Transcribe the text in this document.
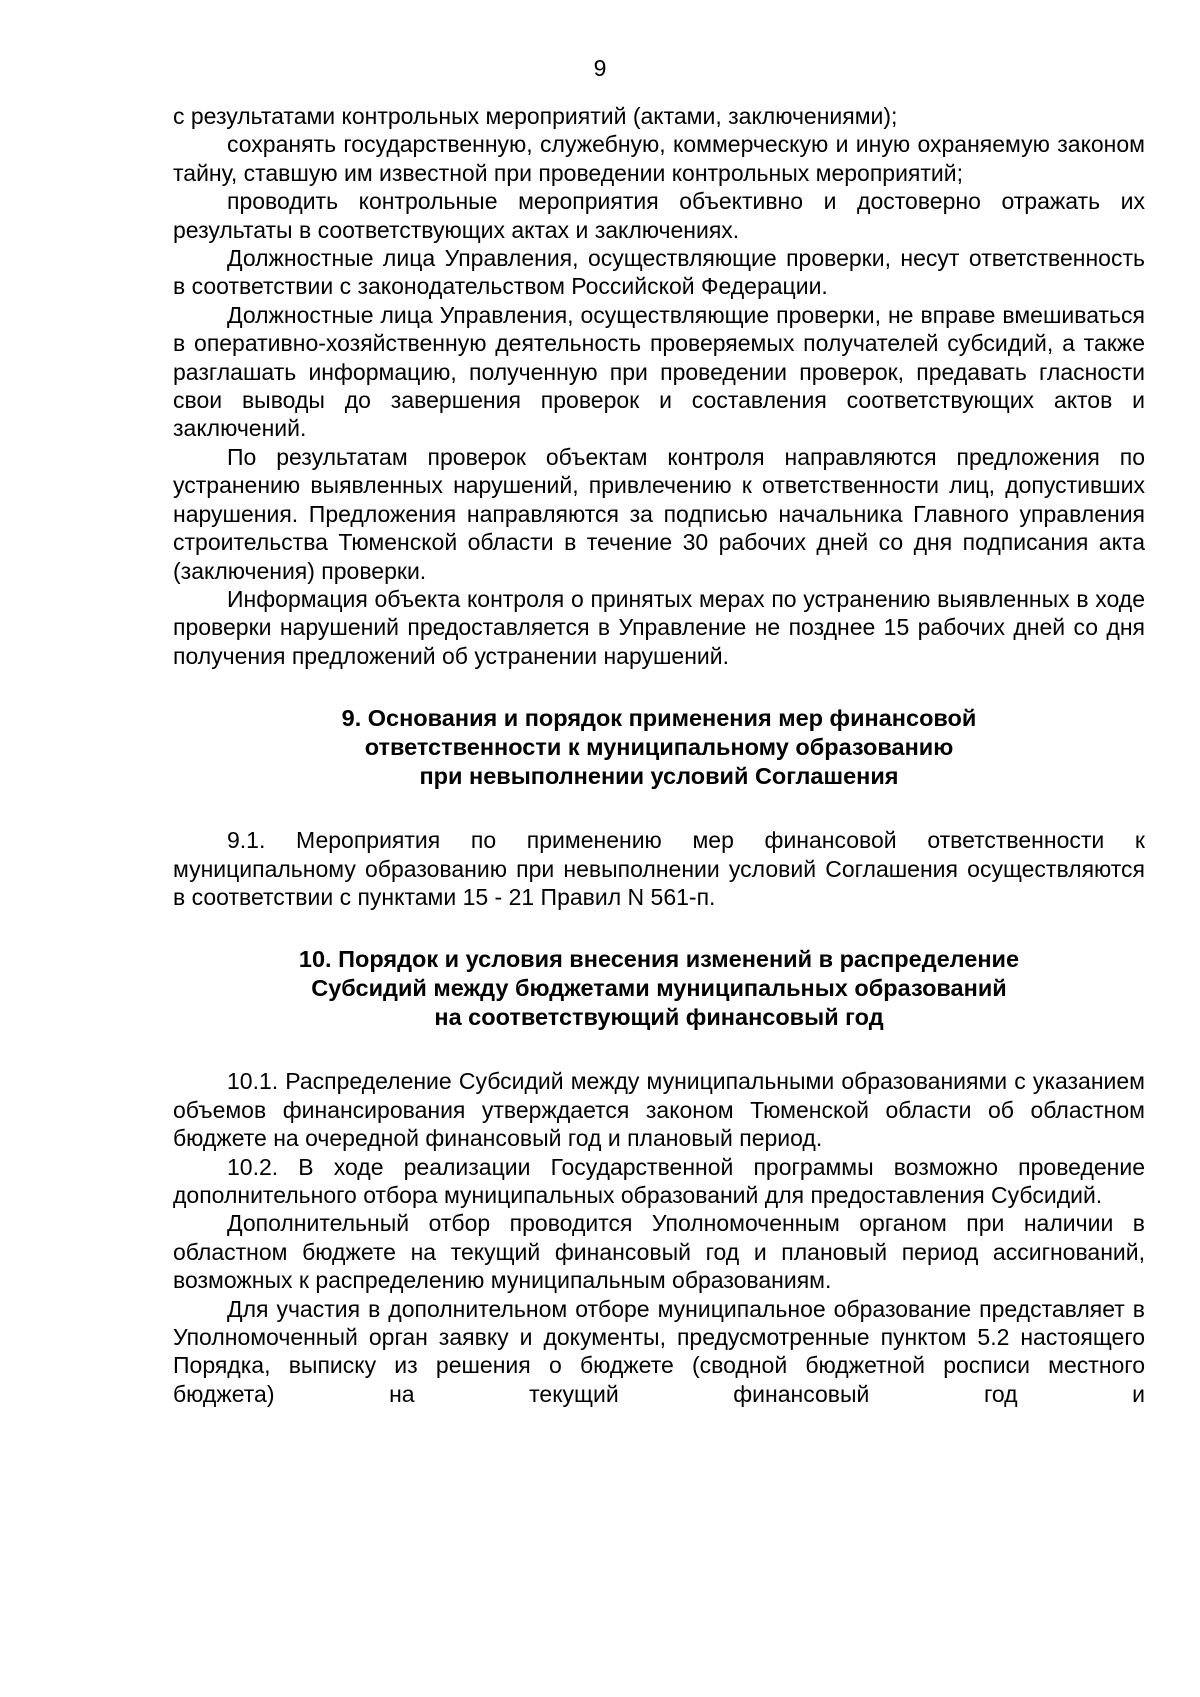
9

с результатами контрольных мероприятий (актами, заключениями);

сохранять государственную, служебную, коммерческую и иную охраняемую законом тайну, ставшую им известной при проведении контрольных мероприятий;

проводить контрольные мероприятия объективно и достоверно отражать их результаты в соответствующих актах и заключениях.

Должностные лица Управления, осуществляющие проверки, несут ответственность в соответствии с законодательством Российской Федерации.

Должностные лица Управления, осуществляющие проверки, не вправе вмешиваться в оперативно-хозяйственную деятельность проверяемых получателей субсидий, а также разглашать информацию, полученную при проведении проверок, предавать гласности свои выводы до завершения проверок и составления соответствующих актов и заключений.

По результатам проверок объектам контроля направляются предложения по устранению выявленных нарушений, привлечению к ответственности лиц, допустивших нарушения. Предложения направляются за подписью начальника Главного управления строительства Тюменской области в течение 30 рабочих дней со дня подписания акта (заключения) проверки.

Информация объекта контроля о принятых мерах по устранению выявленных в ходе проверки нарушений предоставляется в Управление не позднее 15 рабочих дней со дня получения предложений об устранении нарушений.

9. Основания и порядок применения мер финансовой
ответственности к муниципальному образованию
при невыполнении условий Соглашения

9.1. Мероприятия по применению мер финансовой ответственности к муниципальному образованию при невыполнении условий Соглашения осуществляются в соответствии с пунктами 15 - 21 Правил N 561-п.

10. Порядок и условия внесения изменений в распределение
Субсидий между бюджетами муниципальных образований
на соответствующий финансовый год

10.1. Распределение Субсидий между муниципальными образованиями с указанием объемов финансирования утверждается законом Тюменской области об областном бюджете на очередной финансовый год и плановый период.

10.2. В ходе реализации Государственной программы возможно проведение дополнительного отбора муниципальных образований для предоставления Субсидий.

Дополнительный отбор проводится Уполномоченным органом при наличии в областном бюджете на текущий финансовый год и плановый период ассигнований, возможных к распределению муниципальным образованиям.

Для участия в дополнительном отборе муниципальное образование представляет в Уполномоченный орган заявку и документы, предусмотренные пунктом 5.2 настоящего Порядка, выписку из решения о бюджете (сводной бюджетной росписи местного бюджета) на текущий финансовый год и
